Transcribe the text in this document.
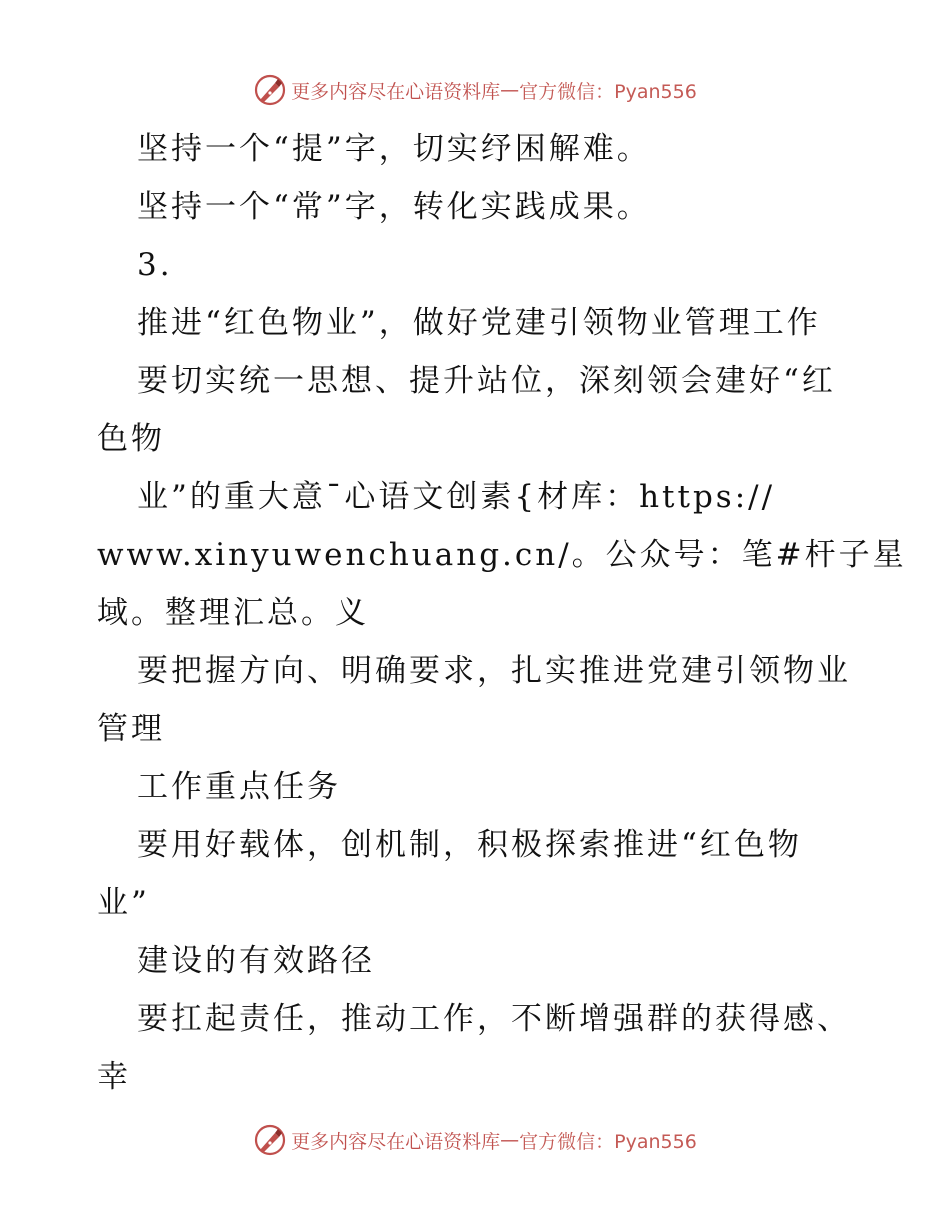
更多内容尽在心语资料库 — 官方微信：Pyan556
坚持一个“提”字，切实纾困解难。
坚持一个“常”字，转化实践成果。
3.
推进“红色物业”，做好党建引领物业管理工作
要切实统一思想、提升站位，深刻领会建好“红
色物
业”的重大意¯心语文创素{材库：https://
www.xinyuwenchuang.cn/。公众号：笔#杆子星
域。整理汇总。义
要把握方向、明确要求，扎实推进党建引领物业
管理
工作重点任务
要用好载体，创机制，积极探索推进“红色物
业”
建设的有效路径
要扛起责任，推动工作，不断增强群的获得感、
幸
更多内容尽在心语资料库 — 官方微信：Pyan556
